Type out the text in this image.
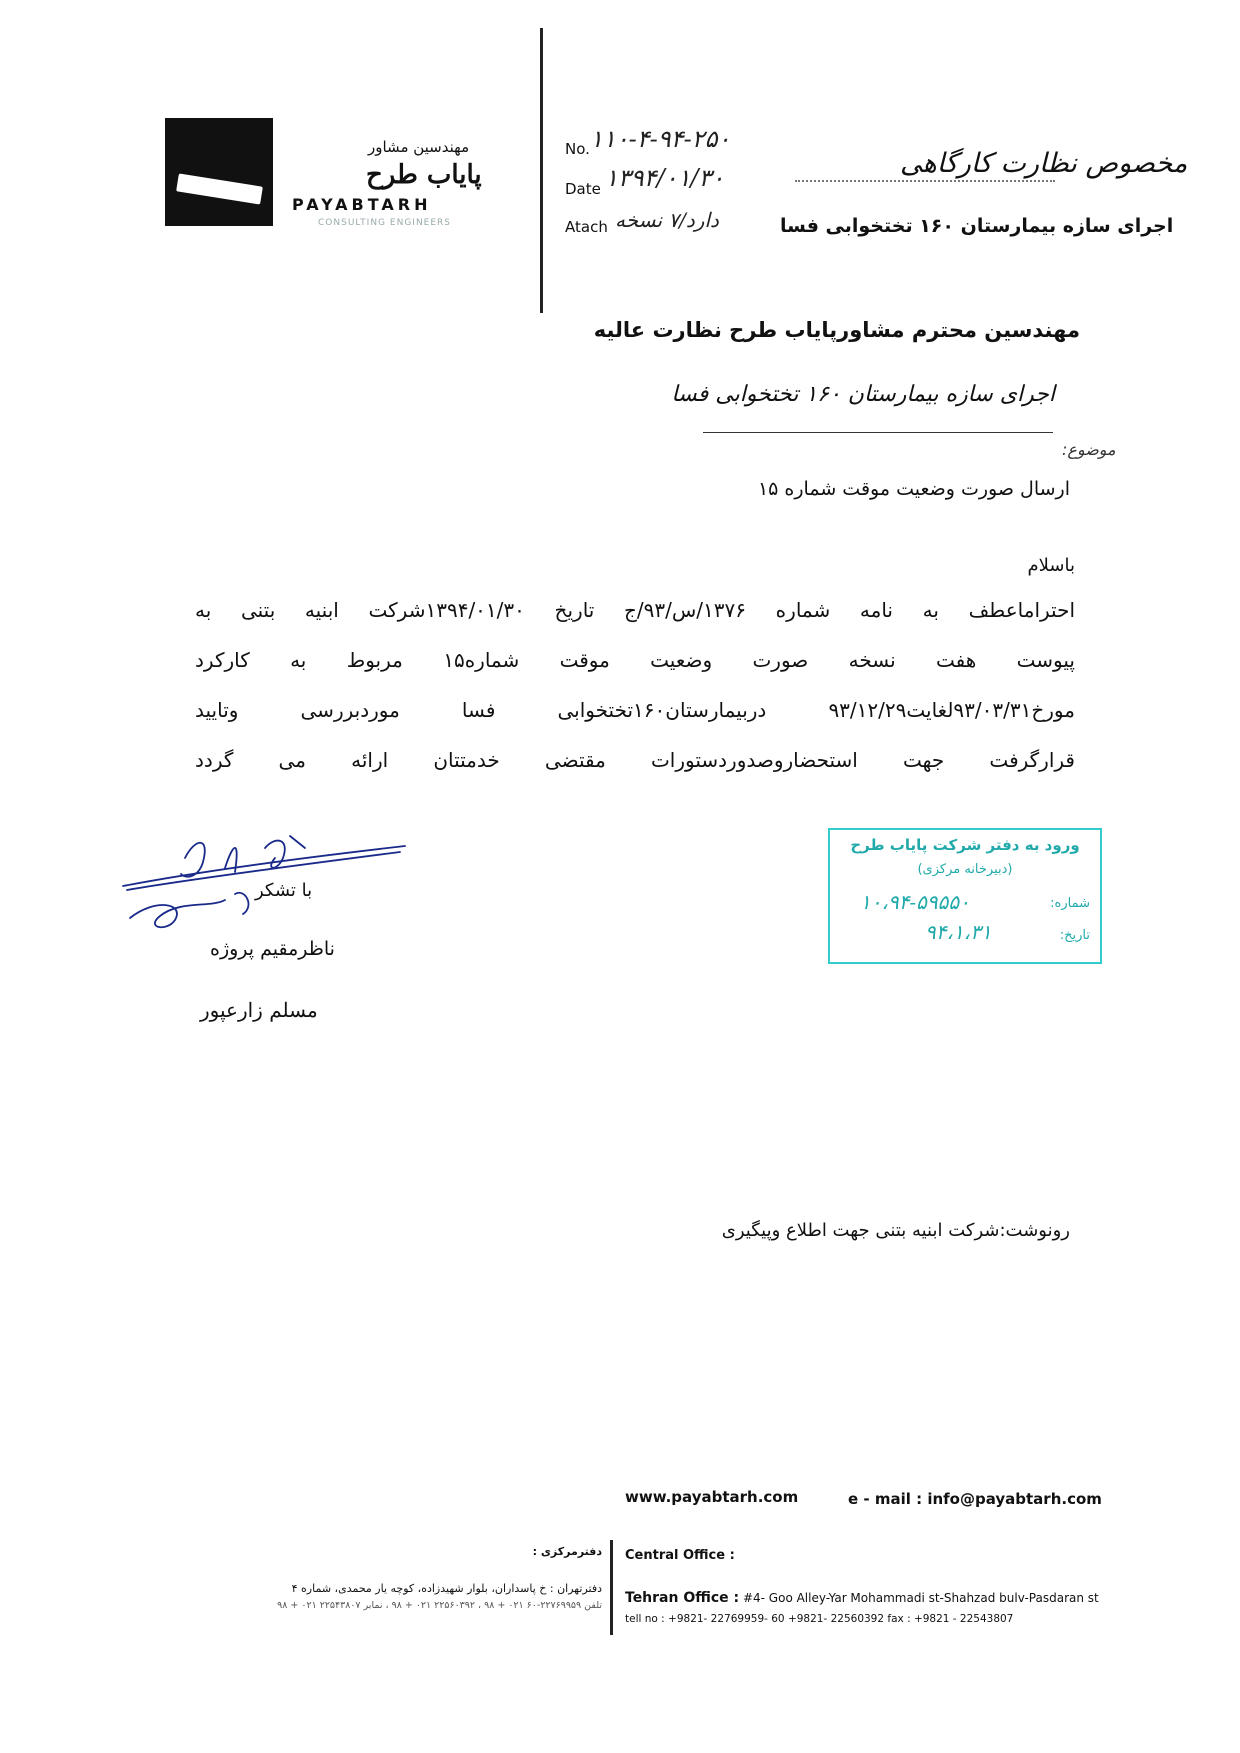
مهندسین مشاور
پایاب طرح
PAYABTARH
CONSULTING ENGINEERS
No. ۱۱۰-۴-۹۴-۲۵۰
Date ۱۳۹۴/۰۱/۳۰
Atach دارد/۷ نسخه
مخصوص نظارت کارگاهی
اجرای سازه بیمارستان ۱۶۰ تختخوابی فسا
مهندسین محترم مشاورپایاب طرح نظارت عالیه
اجرای سازه بیمارستان ۱۶۰ تختخوابی فسا
موضوع:
ارسال صورت وضعیت موقت شماره ۱۵
باسلام
احتراماعطف به نامه شماره ۱۳۷۶/س/۹۳/ج تاریخ ۱۳۹۴/۰۱/۳۰شرکت ابنیه بتنی به
پیوست هفت نسخه صورت وضعیت موقت شماره۱۵ مربوط به کارکرد
مورخ۹۳/۰۳/۳۱لغایت۹۳/۱۲/۲۹ دربیمارستان۱۶۰تختخوابی فسا موردبررسی وتایید
قرارگرفت جهت استحضاروصدوردستورات مقتضی خدمتتان ارائه می گردد
ورود به دفتر شرکت پایاب طرح
(دبیرخانه مرکزی)
شماره:
۱۰،۹۴-۵۹۵۵۰
تاریخ:
۹۴،۱،۳۱
با تشکر
ناظرمقیم پروژه
مسلم زارعپور
رونوشت:شرکت ابنیه بتنی جهت اطلاع وپیگیری
www.payabtarh.com	e - mail : info@payabtarh.com
دفترمرکزی :
دفترتهران : خ پاسداران، بلوار شهیدزاده، کوچه یار محمدی، شماره ۴
تلفن ۲۲۷۶۹۹۵۹-۶۰ ۰۲۱ + ۹۸ ، ۲۲۵۶۰۳۹۲ ۰۲۱ + ۹۸ ، نمابر ۲۲۵۴۳۸۰۷ ۰۲۱ + ۹۸
Central Office :
Tehran Office : #4- Goo Alley-Yar Mohammadi st-Shahzad bulv-Pasdaran st
tell no : +9821- 22769959- 60 +9821- 22560392 fax : +9821 - 22543807
